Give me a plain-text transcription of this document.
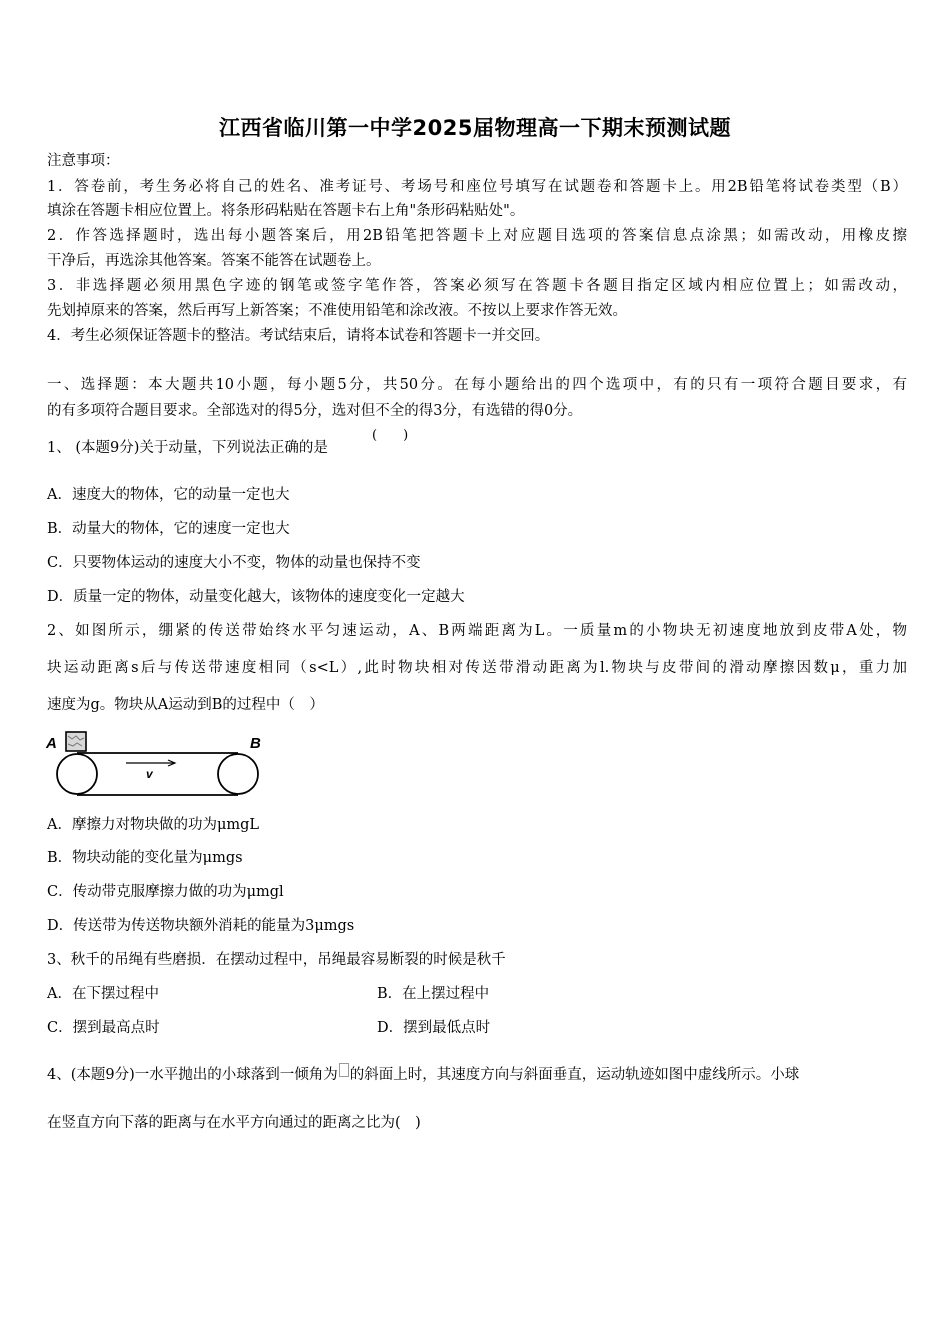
江西省临川第一中学2025届物理高一下期末预测试题
注意事项：
1．答卷前，考生务必将自己的姓名、准考证号、考场号和座位号填写在试题卷和答题卡上。用2B铅笔将试卷类型（B）
填涂在答题卡相应位置上。将条形码粘贴在答题卡右上角"条形码粘贴处"。
2．作答选择题时，选出每小题答案后，用2B铅笔把答题卡上对应题目选项的答案信息点涂黑；如需改动，用橡皮擦
干净后，再选涂其他答案。答案不能答在试题卷上。
3．非选择题必须用黑色字迹的钢笔或签字笔作答，答案必须写在答题卡各题目指定区域内相应位置上；如需改动，
先划掉原来的答案，然后再写上新答案；不准使用铅笔和涂改液。不按以上要求作答无效。
4．考生必须保证答题卡的整洁。考试结束后，请将本试卷和答题卡一并交回。
一、选择题：本大题共10小题，每小题5分，共50分。在每小题给出的四个选项中，有的只有一项符合题目要求，有
的有多项符合题目要求。全部选对的得5分，选对但不全的得3分，有选错的得0分。
1、 (本题9分)关于动量，下列说法正确的是
(　　)
A．速度大的物体，它的动量一定也大
B．动量大的物体，它的速度一定也大
C．只要物体运动的速度大小不变，物体的动量也保持不变
D．质量一定的物体，动量变化越大，该物体的速度变化一定越大
2、如图所示，绷紧的传送带始终水平匀速运动，A、B两端距离为L。一质量m的小物块无初速度地放到皮带A处，物
块运动距离s后与传送带速度相同（s<L）,此时物块相对传送带滑动距离为l.物块与皮带间的滑动摩擦因数μ，重力加
速度为g。物块从A运动到B的过程中（　）
A	B
v
A．摩擦力对物块做的功为μmgL
B．物块动能的变化量为μmgs
C．传动带克服摩擦力做的功为μmgl
D．传送带为传送物块额外消耗的能量为3μmgs
3、秋千的吊绳有些磨损．在摆动过程中，吊绳最容易断裂的时候是秋千
A．在下摆过程中	B．在上摆过程中
C．摆到最高点时	D．摆到最低点时
4、(本题9分)一水平抛出的小球落到一倾角为 的斜面上时，其速度方向与斜面垂直，运动轨迹如图中虚线所示。小球
在竖直方向下落的距离与在水平方向通过的距离之比为(　)
